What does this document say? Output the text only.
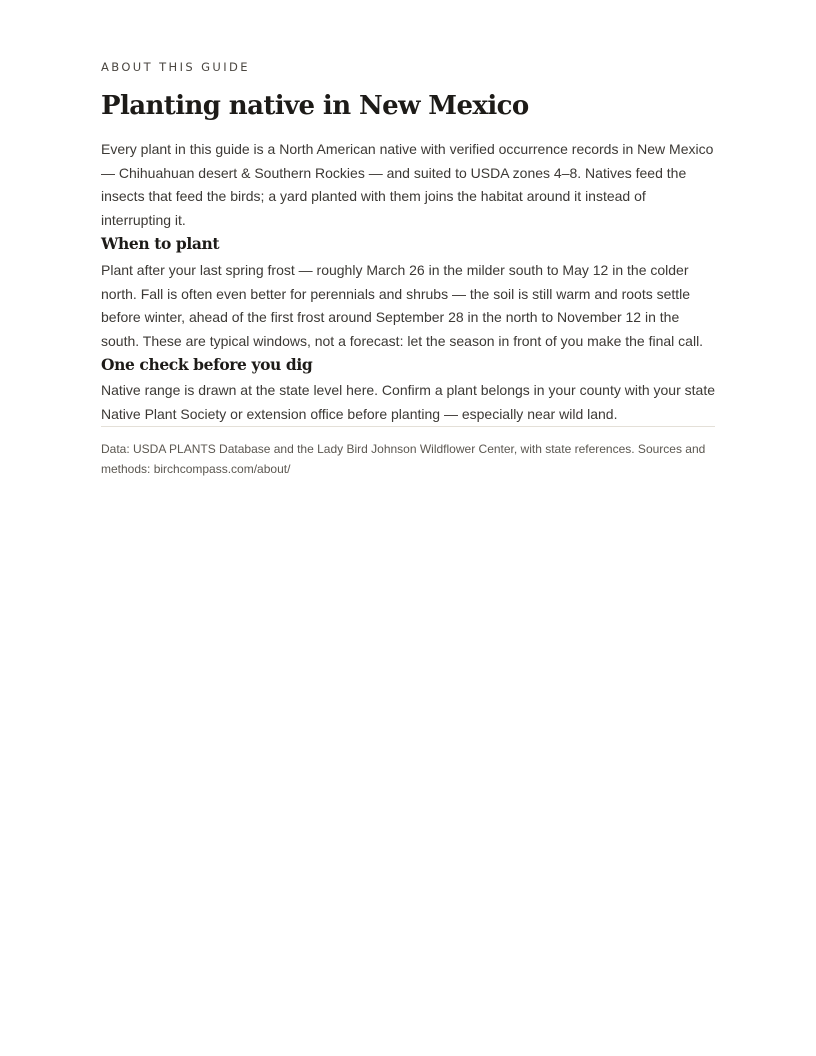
ABOUT THIS GUIDE
Planting native in New Mexico

Every plant in this guide is a North American native with verified occurrence records in New Mexico — Chihuahuan desert & Southern Rockies — and suited to USDA zones 4–8. Natives feed the insects that feed the birds; a yard planted with them joins the habitat around it instead of interrupting it.

When to plant

Plant after your last spring frost — roughly March 26 in the milder south to May 12 in the colder north. Fall is often even better for perennials and shrubs — the soil is still warm and roots settle before winter, ahead of the first frost around September 28 in the north to November 12 in the south. These are typical windows, not a forecast: let the season in front of you make the final call.

One check before you dig

Native range is drawn at the state level here. Confirm a plant belongs in your county with your state Native Plant Society or extension office before planting — especially near wild land.

Data: USDA PLANTS Database and the Lady Bird Johnson Wildflower Center, with state references. Sources and methods: birchcompass.com/about/
